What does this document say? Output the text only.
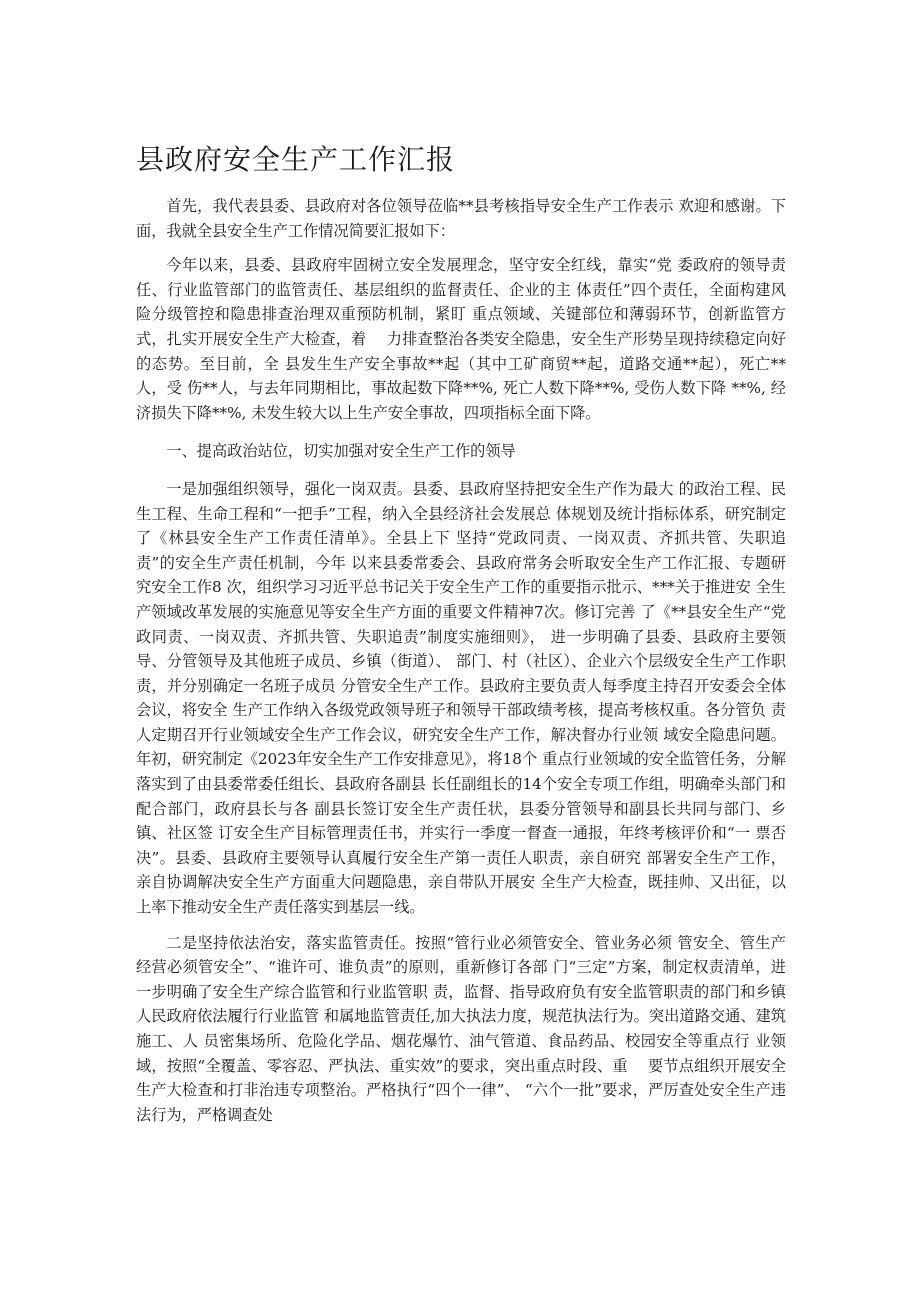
县政府安全生产工作汇报

首先，我代表县委、县政府对各位领导莅临**县考核指导安全生产工作表示 欢迎和感谢。下面，我就全县安全生产工作情况简要汇报如下：

今年以来，县委、县政府牢固树立安全发展理念，坚守安全红线，靠实“党 委政府的领导责任、行业监管部门的监管责任、基层组织的监督责任、企业的主 体责任”四个责任，全面构建风险分级管控和隐患排查治理双重预防机制，紧盯 重点领域、关键部位和薄弱环节，创新监管方式，扎实开展安全生产大检查，着　 力排查整治各类安全隐患，安全生产形势呈现持续稳定向好的态势。至目前，全 县发生生产安全事故**起（其中工矿商贸**起，道路交通**起），死亡**人，受 伤**人，与去年同期相比，事故起数下降**%, 死亡人数下降**%, 受伤人数下降 **%, 经济损失下降**%, 未发生较大以上生产安全事故，四项指标全面下降。

一、提高政治站位，切实加强对安全生产工作的领导

一是加强组织领导，强化一岗双责。县委、县政府坚持把安全生产作为最大 的政治工程、民生工程、生命工程和“一把手”工程，纳入全县经济社会发展总 体规划及统计指标体系，研究制定了《林县安全生产工作责任清单》。全县上下 坚持“党政同责、一岗双责、齐抓共管、失职追责”的安全生产责任机制，今年 以来县委常委会、县政府常务会听取安全生产工作汇报、专题研究安全工作8 次，组织学习习近平总书记关于安全生产工作的重要指示批示、***关于推进安 全生产领域改革发展的实施意见等安全生产方面的重要文件精神7次。修订完善 了《**县安全生产“党政同责、一岗双责、齐抓共管、失职追责”制度实施细则》， 进一步明确了县委、县政府主要领导、分管领导及其他班子成员、乡镇（街道）、 部门、村（社区）、企业六个层级安全生产工作职责，并分别确定一名班子成员 分管安全生产工作。县政府主要负责人每季度主持召开安委会全体会议，将安全 生产工作纳入各级党政领导班子和领导干部政绩考核，提高考核权重。各分管负 责人定期召开行业领域安全生产工作会议，研究安全生产工作，解决督办行业领 域安全隐患问题。年初，研究制定《2023年安全生产工作安排意见》，将18个 重点行业领域的安全监管任务，分解落实到了由县委常委任组长、县政府各副县 长任副组长的14个安全专项工作组，明确牵头部门和配合部门，政府县长与各 副县长签订安全生产责任状，县委分管领导和副县长共同与部门、乡镇、社区签 订安全生产目标管理责任书，并实行一季度一督查一通报，年终考核评价和“一 票否决”。县委、县政府主要领导认真履行安全生产第一责任人职责，亲自研究 部署安全生产工作，亲自协调解决安全生产方面重大问题隐患，亲自带队开展安 全生产大检查，既挂帅、又出征，以上率下推动安全生产责任落实到基层一线。

二是坚持依法治安，落实监管责任。按照“管行业必须管安全、管业务必须 管安全、管生产经营必须管安全”、“谁许可、谁负责”的原则，重新修订各部 门“三定”方案，制定权责清单，进一步明确了安全生产综合监管和行业监管职 责，监督、指导政府负有安全监管职责的部门和乡镇人民政府依法履行行业监管 和属地监管责任,加大执法力度，规范执法行为。突出道路交通、建筑施工、人 员密集场所、危险化学品、烟花爆竹、油气管道、食品药品、校园安全等重点行 业领域，按照“全覆盖、零容忍、严执法、重实效”的要求，突出重点时段、重　 要节点组织开展安全生产大检查和打非治违专项整治。严格执行“四个一律”、 “六个一批”要求，严厉查处安全生产违法行为，严格调查处
